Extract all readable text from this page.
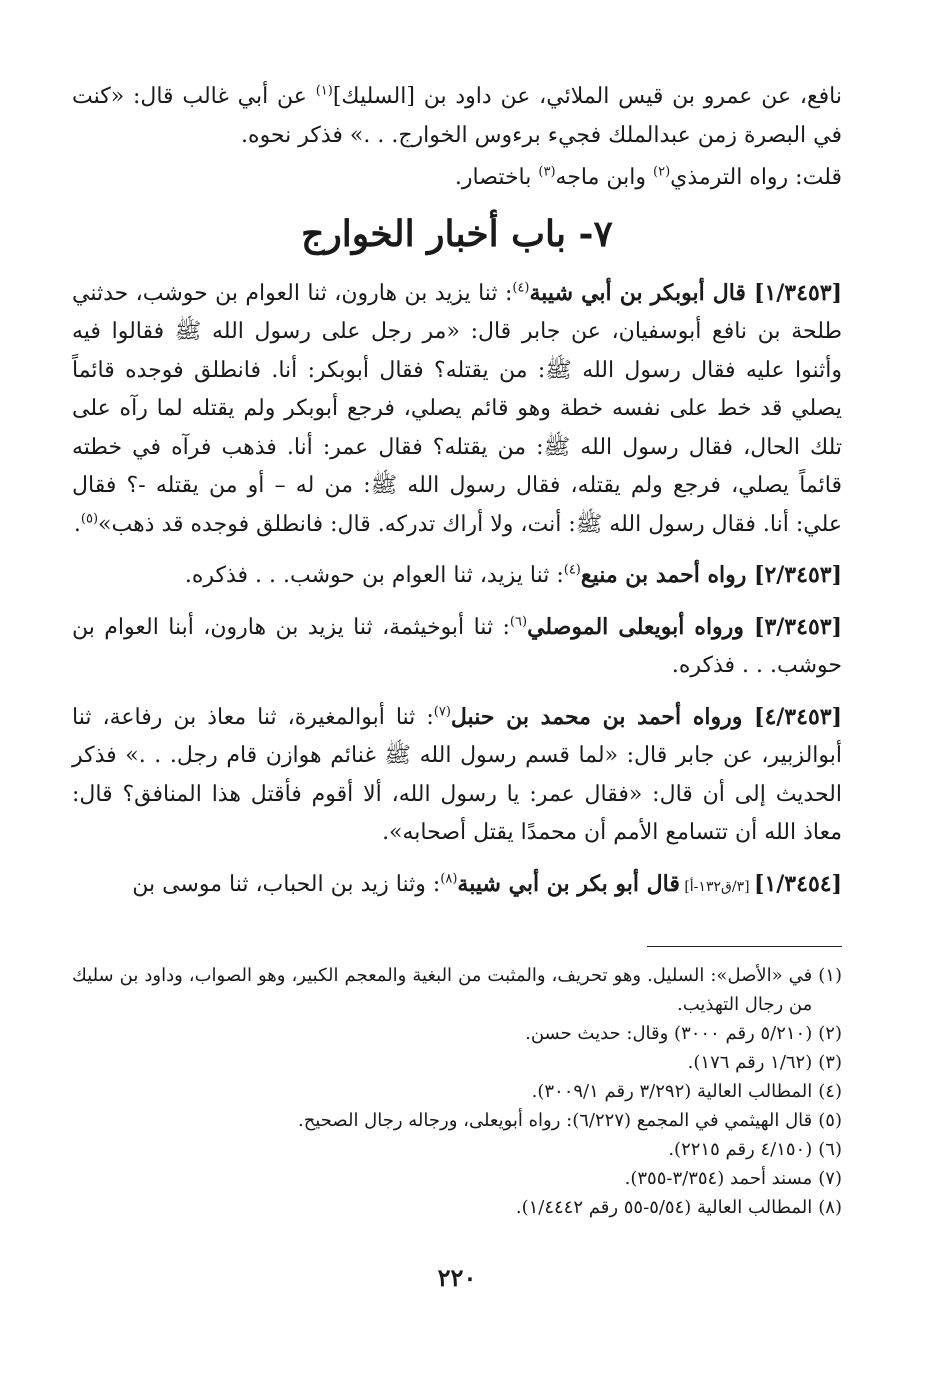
نافع، عن عمرو بن قيس الملائي، عن داود بن [السليك]$^{(١)}$ عن أبي غالب قال: «كنت في البصرة زمن عبدالملك فجيء برءوس الخوارج. . .» فذكر نحوه.

قلت: رواه الترمذي$^{(٢)}$ وابن ماجه$^{(٣)}$ باختصار.

٧- باب أخبار الخوارج

[١/٣٤٥٣] قال أبوبكر بن أبي شيبة$^{(٤)}$: ثنا يزيد بن هارون، ثنا العوام بن حوشب، حدثني طلحة بن نافع أبوسفيان، عن جابر قال: «مر رجل على رسول الله ﷺ فقالوا فيه وأثنوا عليه فقال رسول الله ﷺ: من يقتله؟ فقال أبوبكر: أنا. فانطلق فوجده قائماً يصلي قد خط على نفسه خطة وهو قائم يصلي، فرجع أبوبكر ولم يقتله لما رآه على تلك الحال، فقال رسول الله ﷺ: من يقتله؟ فقال عمر: أنا. فذهب فرآه في خطته قائماً يصلي، فرجع ولم يقتله، فقال رسول الله ﷺ: من له – أو من يقتله -؟ فقال علي: أنا. فقال رسول الله ﷺ: أنت، ولا أراك تدركه. قال: فانطلق فوجده قد ذهب»$^{(٥)}$.

[٢/٣٤٥٣] رواه أحمد بن منيع$^{(٤)}$: ثنا يزيد، ثنا العوام بن حوشب. . . فذكره.

[٣/٣٤٥٣] ورواه أبويعلى الموصلي$^{(٦)}$: ثنا أبوخيثمة، ثنا يزيد بن هارون، أبنا العوام بن حوشب. . . فذكره.

[٤/٣٤٥٣] ورواه أحمد بن محمد بن حنبل$^{(٧)}$: ثنا أبوالمغيرة، ثنا معاذ بن رفاعة، ثنا أبوالزبير، عن جابر قال: «لما قسم رسول الله ﷺ غنائم هوازن قام رجل. . .» فذكر الحديث إلى أن قال: «فقال عمر: يا رسول الله، ألا أقوم فأقتل هذا المنافق؟ قال: معاذ الله أن تتسامع الأمم أن محمدًا يقتل أصحابه».

[١/٣٤٥٤] [٣/ق١٣٢-أ] قال أبو بكر بن أبي شيبة$^{(٨)}$: وثنا زيد بن الحباب، ثنا موسى بن

(١)
في «الأصل»: السليل. وهو تحريف، والمثبت من البغية والمعجم الكبير، وهو الصواب، وداود بن سليك من رجال التهذيب.
(٢)
(٥/٢١٠ رقم ٣٠٠٠) وقال: حديث حسن.
(٣)
(١/٦٢ رقم ١٧٦).
(٤)
المطالب العالية (٣/٢٩٢ رقم ٣٠٠٩/١).
(٥)
قال الهيثمي في المجمع (٦/٢٢٧): رواه أبويعلى، ورجاله رجال الصحيح.
(٦)
(٤/١٥٠ رقم ٢٢١٥).
(٧)
مسند أحمد (٣/٣٥٤-٣٥٥).
(٨)
المطالب العالية (٥/٥٤-٥٥ رقم ١/٤٤٤٢).
٢٢٠
